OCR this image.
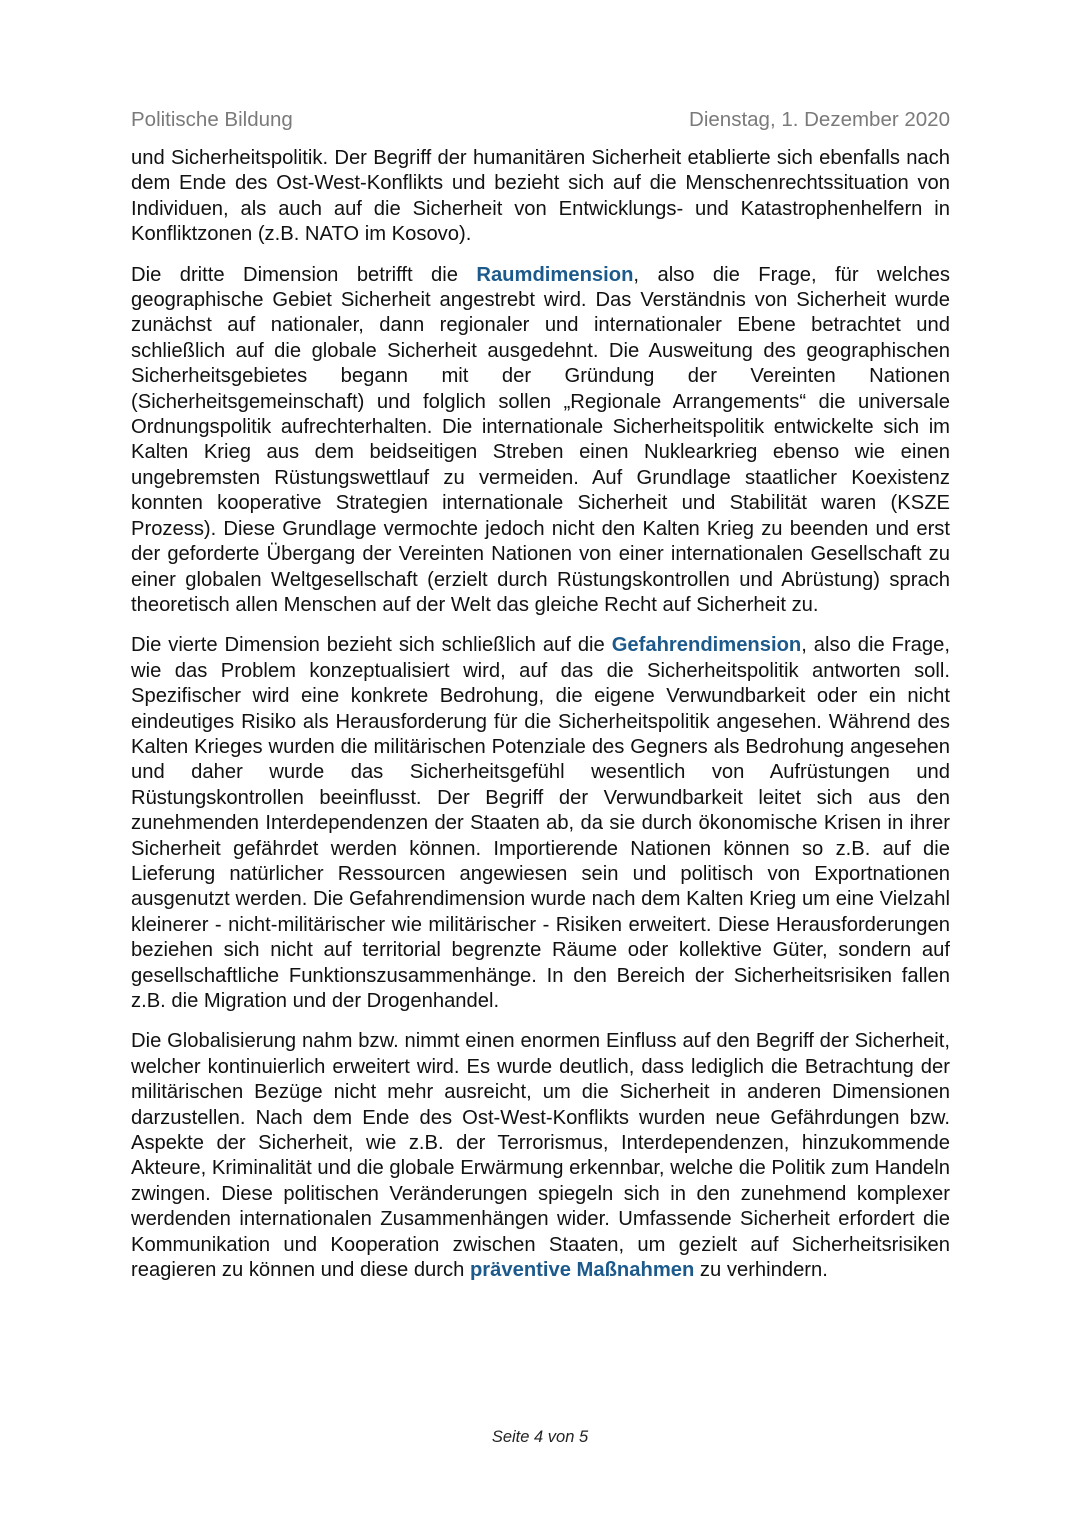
Politische Bildung	Dienstag, 1. Dezember 2020

und Sicherheitspolitik. Der Begriff der humanitären Sicherheit etablierte sich ebenfalls nach dem Ende des Ost-West-Konflikts und bezieht sich auf die Menschenrechtssituation von Individuen, als auch auf die Sicherheit von Entwicklungs- und Katastrophenhelfern in Konfliktzonen (z.B. NATO im Kosovo).

Die dritte Dimension betrifft die Raumdimension, also die Frage, für welches geographische Gebiet Sicherheit angestrebt wird. Das Verständnis von Sicherheit wurde zunächst auf nationaler, dann regionaler und internationaler Ebene betrachtet und schließlich auf die globale Sicherheit ausgedehnt. Die Ausweitung des geographischen Sicherheitsgebietes begann mit der Gründung der Vereinten Nationen (Sicherheitsgemeinschaft) und folglich sollen „Regionale Arrangements“ die universale Ordnungspolitik aufrechterhalten. Die internationale Sicherheitspolitik entwickelte sich im Kalten Krieg aus dem beidseitigen Streben einen Nuklearkrieg ebenso wie einen ungebremsten Rüstungswettlauf zu vermeiden. Auf Grundlage staatlicher Koexistenz konnten kooperative Strategien internationale Sicherheit und Stabilität waren (KSZE Prozess). Diese Grundlage vermochte jedoch nicht den Kalten Krieg zu beenden und erst der geforderte Übergang der Vereinten Nationen von einer internationalen Gesellschaft zu einer globalen Weltgesellschaft (erzielt durch Rüstungskontrollen und Abrüstung) sprach theoretisch allen Menschen auf der Welt das gleiche Recht auf Sicherheit zu.

Die vierte Dimension bezieht sich schließlich auf die Gefahrendimension, also die Frage, wie das Problem konzeptualisiert wird, auf das die Sicherheitspolitik antworten soll. Spezifischer wird eine konkrete Bedrohung, die eigene Verwundbarkeit oder ein nicht eindeutiges Risiko als Herausforderung für die Sicherheitspolitik angesehen. Während des Kalten Krieges wurden die militärischen Potenziale des Gegners als Bedrohung angesehen und daher wurde das Sicherheitsgefühl wesentlich von Aufrüstungen und Rüstungskontrollen beeinflusst. Der Begriff der Verwundbarkeit leitet sich aus den zunehmenden Interdependenzen der Staaten ab, da sie durch ökonomische Krisen in ihrer Sicherheit gefährdet werden können. Importierende Nationen können so z.B. auf die Lieferung natürlicher Ressourcen angewiesen sein und politisch von Exportnationen ausgenutzt werden. Die Gefahrendimension wurde nach dem Kalten Krieg um eine Vielzahl kleinerer - nicht-militärischer wie militärischer - Risiken erweitert. Diese Herausforderungen beziehen sich nicht auf territorial begrenzte Räume oder kollektive Güter, sondern auf gesellschaftliche Funktionszusammenhänge. In den Bereich der Sicherheitsrisiken fallen z.B. die Migration und der Drogenhandel.

Die Globalisierung nahm bzw. nimmt einen enormen Einfluss auf den Begriff der Sicherheit, welcher kontinuierlich erweitert wird. Es wurde deutlich, dass lediglich die Betrachtung der militärischen Bezüge nicht mehr ausreicht, um die Sicherheit in anderen Dimensionen darzustellen. Nach dem Ende des Ost-West-Konflikts wurden neue Gefährdungen bzw. Aspekte der Sicherheit, wie z.B. der Terrorismus, Interdependenzen, hinzukommende Akteure, Kriminalität und die globale Erwärmung erkennbar, welche die Politik zum Handeln zwingen. Diese politischen Veränderungen spiegeln sich in den zunehmend komplexer werdenden internationalen Zusammenhängen wider. Umfassende Sicherheit erfordert die Kommunikation und Kooperation zwischen Staaten, um gezielt auf Sicherheitsrisiken reagieren zu können und diese durch präventive Maßnahmen zu verhindern.

Seite 4 von 5
